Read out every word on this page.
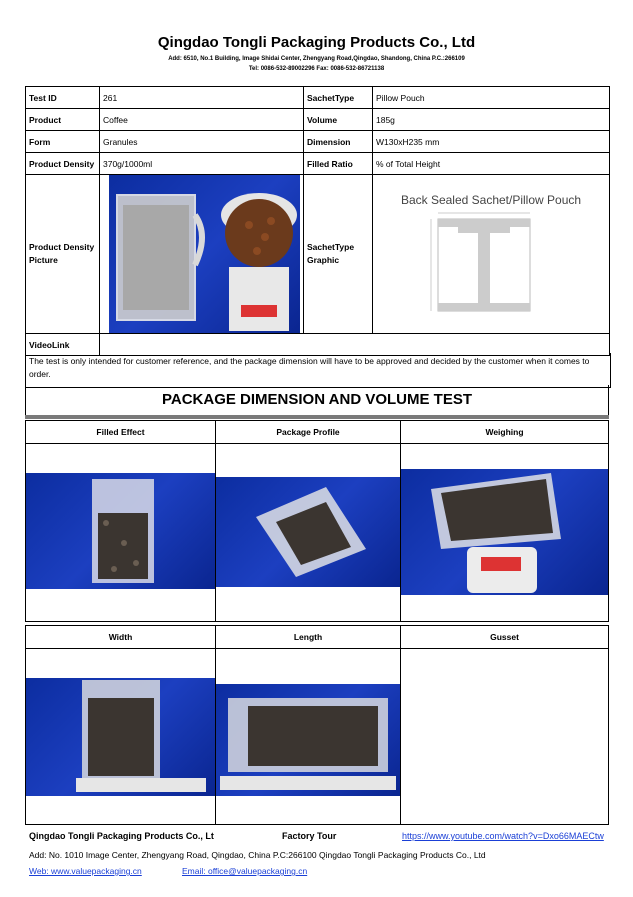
Qingdao Tongli Packaging Products Co., Ltd
Add: 6510, No.1 Building, Image Shidai Center, Zhengyang Road,Qingdao, Shandong, China P.C.:266109
Tel: 0086-532-89002296 Fax: 0086-532-86721138
Test ID	261	SachetType	Pillow Pouch
Product	Coffee	Volume	185g
Form	Granules	Dimension	W130xH235 mm
Product Density	370g/1000ml	Filled Ratio	% of Total Height
Product Density Picture		SachetType Graphic	Back Sealed Sachet/Pillow Pouch

VideoLink			
The test is only intended for customer reference, and the package dimension will have to be approved and decided by the customer when it comes to order.
PACKAGE DIMENSION AND VOLUME TEST
Filled Effect	Package Profile	Weighing
Width	Length	Gusset
Qingdao Tongli Packaging Products Co., Lt	Factory Tour	https://www.youtube.com/watch?v=Dxo66MAECtw
Add: No. 1010 Image Center, Zhengyang Road, Qingdao, China P.C:266100 Qingdao Tongli Packaging Products Co., Ltd
Web: www.valuepackaging.cn	Email: office@valuepackaging.cn
